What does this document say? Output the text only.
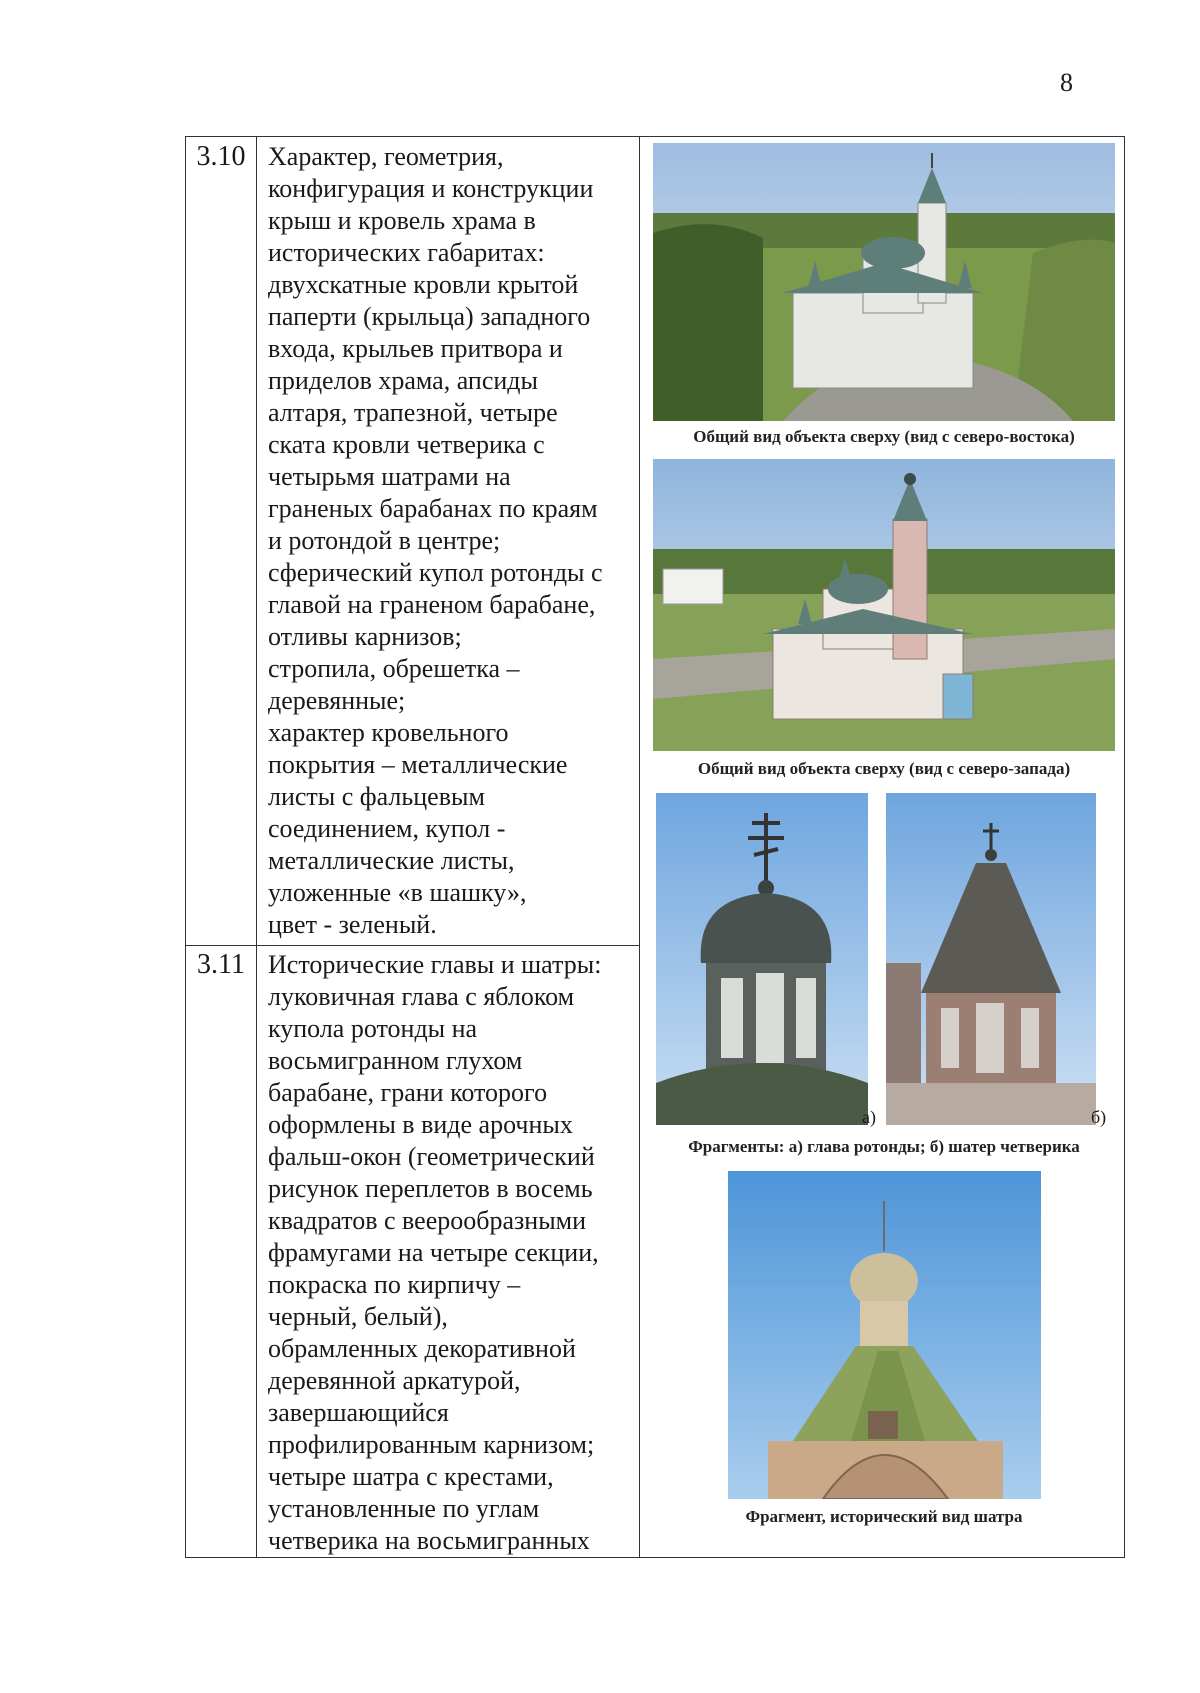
8
3.10 Характер, геометрия,
конфигурация и конструкции
крыш и кровель храма в
исторических габаритах:
двухскатные кровли крытой
паперти (крыльца) западного
входа, крыльев притвора и
приделов храма, апсиды
алтаря, трапезной, четыре
ската кровли четверика с
четырьмя шатрами на
граненых барабанах по краям
и ротондой в центре;
сферический купол ротонды с
главой на граненом барабане,
отливы карнизов;
стропила, обрешетка –
деревянные;
характер кровельного
покрытия – металлические
листы с фальцевым
соединением, купол -
металлические листы,
уложенные «в шашку»,
цвет - зеленый.
3.11 Исторические главы и шатры:
луковичная глава с яблоком
купола ротонды на
восьмигранном глухом
барабане, грани которого
оформлены в виде арочных
фальш-окон (геометрический
рисунок переплетов в восемь
квадратов с веерообразными
фрамугами на четыре секции,
покраска по кирпичу –
черный, белый),
обрамленных декоративной
деревянной аркатурой,
завершающийся
профилированным карнизом;
четыре шатра с крестами,
установленные по углам
четверика на восьмигранных
Общий вид объекта сверху (вид с северо-востока)
Общий вид объекта сверху (вид с северо-запада)
а)	б)
Фрагменты: а) глава ротонды; б) шатер четверика
Фрагмент, исторический вид шатра
